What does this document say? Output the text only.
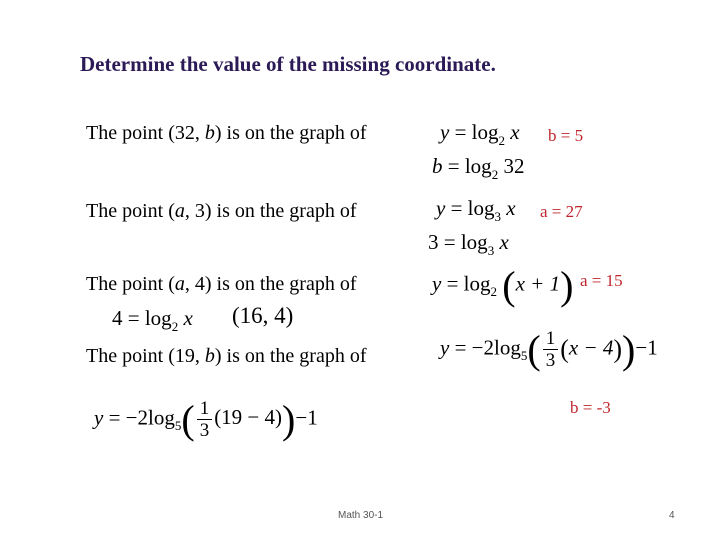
Determine the value of the missing coordinate.
The point (32, b) is on the graph of	$y = \log_2 x$ b = 5
$b = \log_2 32$
The point (a, 3) is on the graph of	$y = \log_3 x$ a = 27
$3 = \log_3 x$
The point (a, 4) is on the graph of	$y = \log_2 (x + 1) a = 15$
$4 = \log_2 x$ (16, 4)
The point (19, b) is on the graph of	$y = -2\log_5( \frac{1}{3} (x - 4))-1$
b = -3
$y = -2\log_5( \frac{1}{3} (19 - 4))-1$
Math 30-1	4
